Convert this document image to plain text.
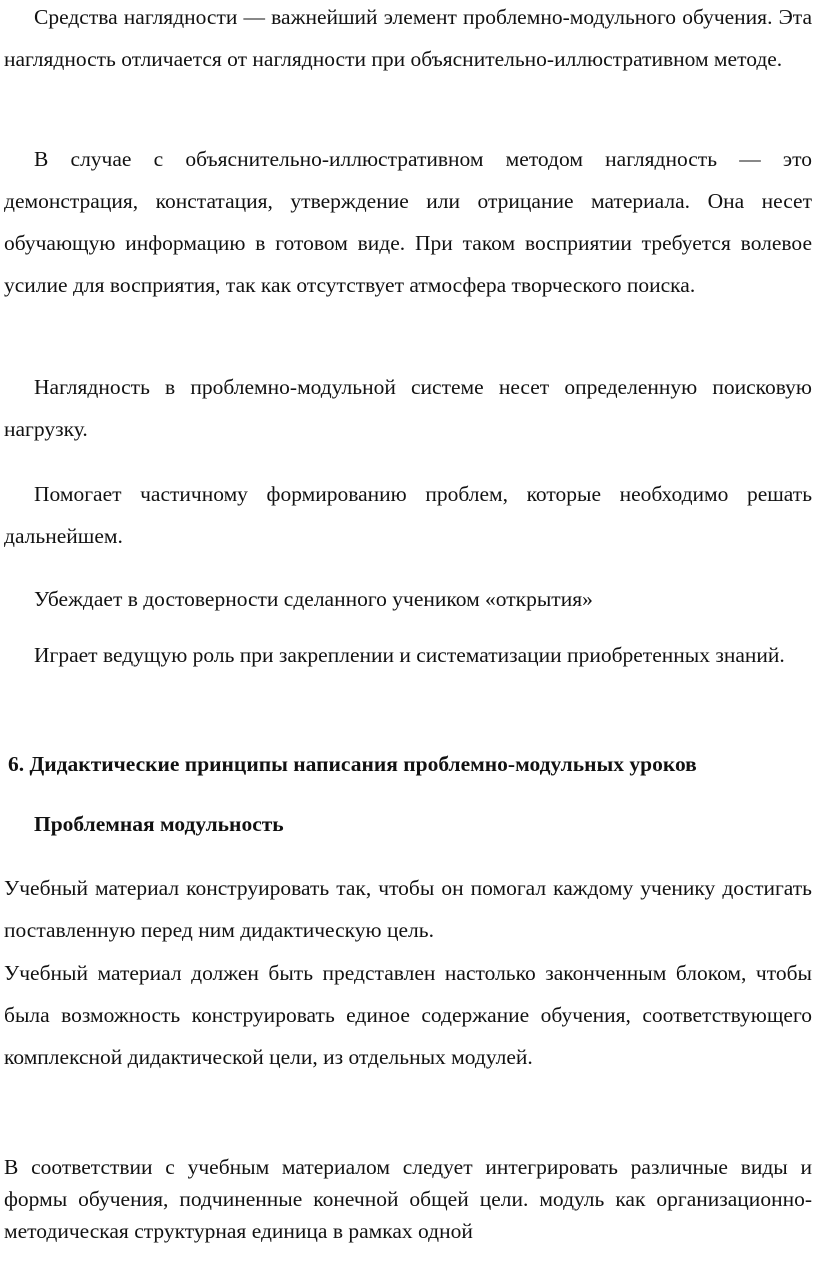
Средства наглядности — важнейший элемент проблемно-модульного обучения. Эта наглядность отличается от наглядности при объяснительно-иллюстративном методе.

В случае с объяснительно-иллюстративном методом наглядность — это демонстрация, констатация, утверждение или отрицание материала. Она несет обучающую информацию в готовом виде. При таком восприятии требуется волевое усилие для восприятия, так как отсутствует атмосфера творческого поиска.

Наглядность в проблемно-модульной системе несет определенную поисковую нагрузку.

Помогает частичному формированию проблем, которые необходимо решать дальнейшем.

Убеждает в достоверности сделанного учеником «открытия»

Играет ведущую роль при закреплении и систематизации приобретенных знаний.

6. Дидактические принципы написания проблемно-модульных уроков
Проблемная модульность

Учебный материал конструировать так, чтобы он помогал каждому ученику достигать поставленную перед ним дидактическую цель.

Учебный материал должен быть представлен настолько законченным блоком, чтобы была возможность конструировать единое содержание обучения, соответствующего комплексной дидактической цели, из отдельных модулей.

В соответствии с учебным материалом следует интегрировать различные виды и формы обучения, подчиненные конечной общей цели. модуль как организационно-методическая структурная единица в рамках одной
